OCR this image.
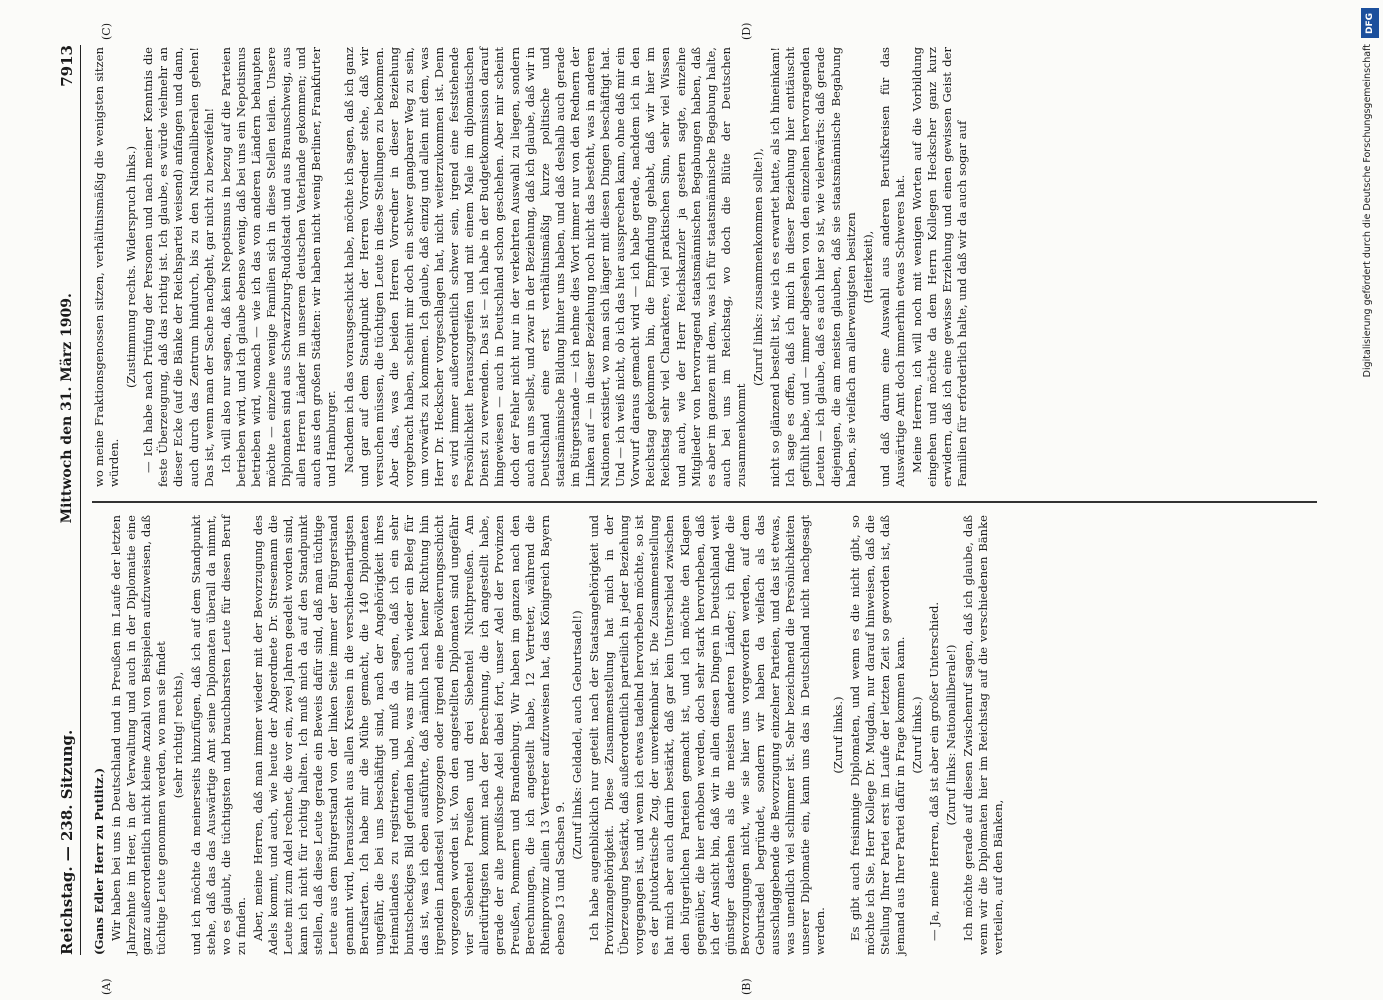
Reichstag. — 238. Sitzung.
Mittwoch den 31. März 1909.
7913
(A)	(B)
(C)	(D)

(Gans Edler Herr zu Putlitz.) Wir haben bei uns in Deutschland und in Preußen im Laufe der letzten Jahrzehnte im Heer, in der Verwaltung und auch in der Diplomatie eine ganz außerordentlich nicht kleine Anzahl von Beispielen aufzuweisen, daß tüchtige Leute genommen werden, wo man sie findet (sehr richtig! rechts), und ich möchte da meinerseits hinzufügen, daß ich auf dem Standpunkt stehe, daß das das Auswärtige Amt seine Diplomaten überall da nimmt, wo es glaubt, die tüchtigsten und brauchbarsten Leute für diesen Beruf zu finden. Aber, meine Herren, daß man immer wieder mit der Bevorzugung des Adels kommt, und auch, wie heute der Abgeordnete Dr. Stresemann die Leute mit zum Adel rechnet, die vor ein, zwei Jahren geadelt worden sind, kann ich nicht für richtig halten. Ich muß mich da auf den Standpunkt stellen, daß diese Leute gerade ein Beweis dafür sind, daß man tüchtige Leute aus dem Bürgerstand von der linken Seite immer der Bürgerstand genannt wird, herauszieht aus allen Kreisen in die verschiedenartigsten Berufsarten. Ich habe mir die Mühe gemacht, die 140 Diplomaten ungefähr, die bei uns beschäftigt sind, nach der Angehörigkeit ihres Heimatlandes zu registrieren, und muß da sagen, daß ich ein sehr buntscheckiges Bild gefunden habe, was mir auch wieder ein Beleg für das ist, was ich eben ausführte, daß nämlich nach keiner Richtung hin irgendein Landesteil vorgezogen oder irgend eine Bevölkerungsschicht vorgezogen worden ist. Von den angestellten Diplomaten sind ungefähr vier Siebentel Preußen und drei Siebentel Nichtpreußen. Am allerdürftigsten kommt nach der Berechnung, die ich angestellt habe, gerade der alte preußische Adel dabei fort, unser Adel der Provinzen Preußen, Pommern und Brandenburg. Wir haben im ganzen nach den Berechnungen, die ich angestellt habe, 12 Vertreter, während die Rheinprovinz allein 13 Vertreter aufzuweisen hat, das Königreich Bayern ebenso 13 und Sachsen 9.

(Zuruf links: Geldadel, auch Geburtsadel!) Ich habe augenblicklich nur geteilt nach der Staatsangehörigkeit und Provinzangehörigkeit. Diese Zusammenstellung hat mich in der Überzeugung bestärkt, daß außerordentlich parteilich in jeder Beziehung vorgegangen ist, und wenn ich etwas tadelnd hervorheben möchte, so ist es der plutokratische Zug, der unverkennbar ist. Die Zusammenstellung hat mich aber auch darin bestärkt, daß gar kein Unterschied zwischen den bürgerlichen Parteien gemacht ist, und ich möchte den Klagen gegenüber, die hier erhoben werden, doch sehr stark hervorheben, daß ich der Ansicht bin, daß wir in allen diesen Dingen in Deutschland weit günstiger dastehen als die meisten anderen Länder; ich finde die Bevorzugungen nicht, wie sie hier uns vorgeworfen werden, auf dem Geburtsadel begründet, sondern wir haben da vielfach als das ausschlaggebende die Bevorzugung einzelner Parteien, und das ist etwas, was unendlich viel schlimmer ist. Sehr bezeichnend die Persönlichkeiten unserer Diplomatie ein, kann uns das in Deutschland nicht nachgesagt werden.

(Zuruf links.) Es gibt auch freisinnige Diplomaten, und wenn es die nicht gibt, so möchte ich Sie, Herr Kollege Dr. Mugdan, nur darauf hinweisen, daß die Stellung Ihrer Partei erst im Laufe der letzten Zeit so geworden ist, daß jemand aus Ihrer Partei dafür in Frage kommen kann. (Zuruf links.) — Ja, meine Herren, daß ist aber ein großer Unterschied. (Zuruf links: Nationalliberale!) Ich möchte gerade auf diesen Zwischenruf sagen, daß ich glaube, daß wenn wir die Diplomaten hier im Reichstag auf die verschiedenen Bänke verteilen, auf den Bänken,

wo meine Fraktionsgenossen sitzen, verhältnismäßig die wenigsten sitzen würden.

(Zustimmung rechts. Widerspruch links.) — Ich habe nach Prüfung der Personen und nach meiner Kenntnis die feste Überzeugung, daß das richtig ist. Ich glaube, es würde vielmehr an dieser Ecke (auf die Bänke der Reichspartei weisend) anfangen und dann, auch durch das Zentrum hindurch, bis zu den Nationalliberalen gehen! Das ist, wenn man der Sache nachgeht, gar nicht zu bezweifeln! Ich will also nur sagen, daß kein Nepotismus in bezug auf die Parteien betrieben wird, und ich glaube ebenso wenig, daß bei uns ein Nepotismus betrieben wird, wonach — wie ich das von anderen Ländern behaupten möchte — einzelne wenige Familien sich in diese Stellen teilen. Unsere Diplomaten sind aus Schwarzburg-Rudolstadt und aus Braunschweig, aus allen Herren Länder im unserem deutschen Vaterlande gekommen; und auch aus den großen Städten: wir haben nicht wenig Berliner, Frankfurter und Hamburger. Nachdem ich das vorausgeschickt habe, möchte ich sagen, daß ich ganz und gar auf dem Standpunkt der Herren Vorredner stehe, daß wir versuchen müssen, die tüchtigen Leute in diese Stellungen zu bekommen. Aber das, was die beiden Herren Vorredner in dieser Beziehung vorgebracht haben, scheint mir doch ein schwer gangbarer Weg zu sein, um vorwärts zu kommen. Ich glaube, daß einzig und allein mit dem, was Herr Dr. Heckscher vorgeschlagen hat, nicht weiterzukommen ist. Denn es wird immer außerordentlich schwer sein, irgend eine feststehende Persönlichkeit herauszugreifen und mit einem Male im diplomatischen Dienst zu verwenden. Das ist — ich habe in der Budgetkommission darauf hingewiesen — auch in Deutschland schon geschehen. Aber mir scheint doch der Fehler nicht nur in der verkehrten Auswahl zu liegen, sondern auch an uns selbst, und zwar in der Beziehung, daß ich glaube, daß wir in Deutschland eine erst verhältnismäßig kurze politische und staatsmännische Bildung hinter uns haben, und daß deshalb auch gerade im Bürgerstande — ich nehme dies Wort immer nur von den Rednern der Linken auf — in dieser Beziehung noch nicht das besteht, was in anderen Nationen existiert, wo man sich länger mit diesen Dingen beschäftigt hat. Und — ich weiß nicht, ob ich das hier aussprechen kann, ohne daß mir ein Vorwurf daraus gemacht wird — ich habe gerade, nachdem ich in den Reichstag gekommen bin, die Empfindung gehabt, daß wir hier im Reichstag sehr viel Charaktere, viel praktischen Sinn, sehr viel Wissen und auch, wie der Herr Reichskanzler ja gestern sagte, einzelne Mitglieder von hervorragend staatsmännischen Begabungen haben, daß es aber im ganzen mit dem, was ich für staatsmännische Begabung halte, auch bei uns im Reichstag, wo doch die Blüte der Deutschen zusammenkommt

(Zuruf links: zusammenkommen sollte!), nicht so glänzend bestellt ist, wie ich es erwartet hatte, als ich hineinkam! Ich sage es offen, daß ich mich in dieser Beziehung hier enttäuscht gefühlt habe, und — immer abgesehen von den einzelnen hervorragenden Leuten — ich glaube, daß es auch hier so ist, wie vielerwärts: daß gerade diejenigen, die am meisten glauben, daß sie staatsmännische Begabung haben, sie vielfach am allerwenigsten besitzen (Heiterkeit), und daß darum eine Auswahl aus anderen Berufskreisen für das Auswärtige Amt doch immerhin etwas Schweres hat. Meine Herren, ich will noch mit wenigen Worten auf die Vorbildung eingehen und möchte da dem Herrn Kollegen Heckscher ganz kurz erwidern, daß ich eine gewisse Erziehung und einen gewissen Geist der Familien für erforderlich halte, und daß wir da auch sogar auf

DFG
Digitalisierung gefördert durch die Deutsche Forschungsgemeinschaft
